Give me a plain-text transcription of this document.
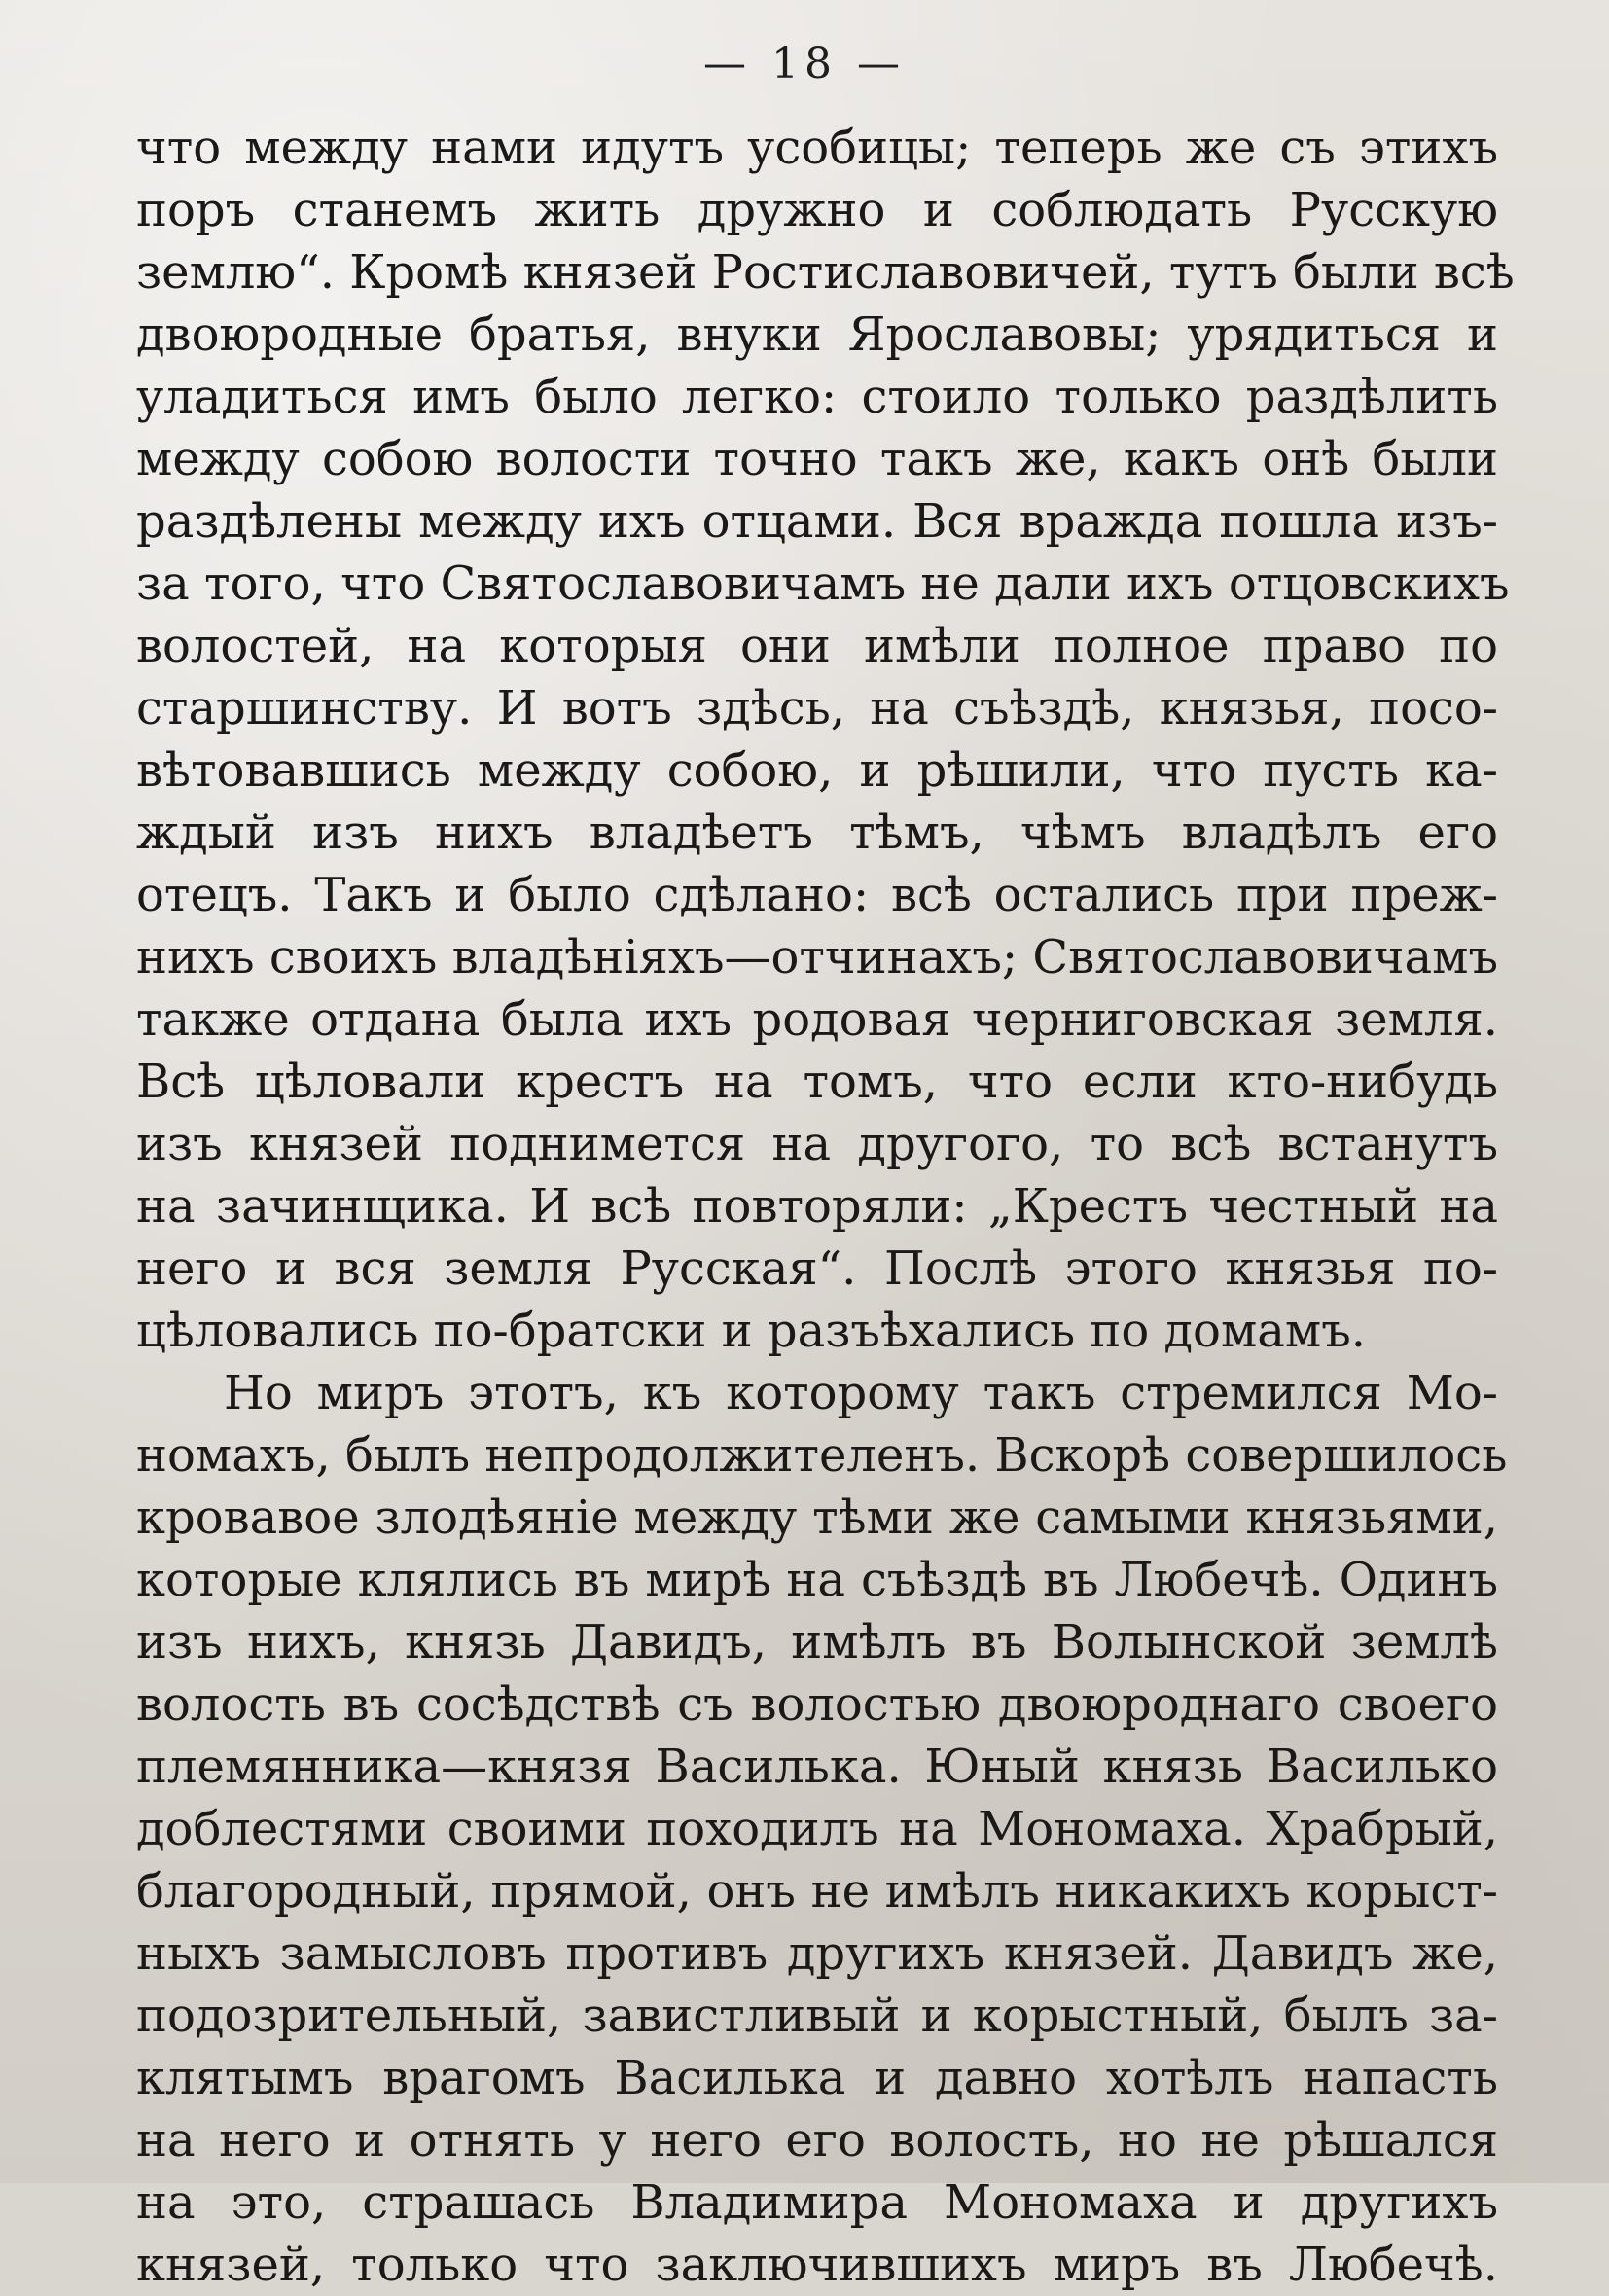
— 18 —
что между нами идутъ усобицы; теперь же съ этихъ
поръ станемъ жить дружно и соблюдать Русскую
землю“. Кромѣ князей Ростиславовичей, тутъ были всѣ
двоюродные братья, внуки Ярославовы; урядиться и
уладиться имъ было легко: стоило только раздѣлить
между собою волости точно такъ же, какъ онѣ были
раздѣлены между ихъ отцами. Вся вражда пошла изъ-
за того, что Святославовичамъ не дали ихъ отцовскихъ
волостей, на которыя они имѣли полное право по
старшинству. И вотъ здѣсь, на съѣздѣ, князья, посо-
вѣтовавшись между собою, и рѣшили, что пусть ка-
ждый изъ нихъ владѣетъ тѣмъ, чѣмъ владѣлъ его
отецъ. Такъ и было сдѣлано: всѣ остались при преж-
нихъ своихъ владѣніяхъ—отчинахъ; Святославовичамъ
также отдана была ихъ родовая черниговская земля.
Всѣ цѣловали крестъ на томъ, что если кто-нибудь
изъ князей поднимется на другого, то всѣ встанутъ
на зачинщика. И всѣ повторяли: „Крестъ честный на
него и вся земля Русская“. Послѣ этого князья по-
цѣловались по-братски и разъѣхались по домамъ.
Но миръ этотъ, къ которому такъ стремился Мо-
номахъ, былъ непродолжителенъ. Вскорѣ совершилось
кровавое злодѣяніе между тѣми же самыми князьями,
которые клялись въ мирѣ на съѣздѣ въ Любечѣ. Одинъ
изъ нихъ, князь Давидъ, имѣлъ въ Волынской землѣ
волость въ сосѣдствѣ съ волостью двоюроднаго своего
племянника—князя Василька. Юный князь Василько
доблестями своими походилъ на Мономаха. Храбрый,
благородный, прямой, онъ не имѣлъ никакихъ корыст-
ныхъ замысловъ противъ другихъ князей. Давидъ же,
подозрительный, завистливый и корыстный, былъ за-
клятымъ врагомъ Василька и давно хотѣлъ напасть
на него и отнять у него его волость, но не рѣшался
на это, страшась Владимира Мономаха и другихъ
князей, только что заключившихъ миръ въ Любечѣ.
